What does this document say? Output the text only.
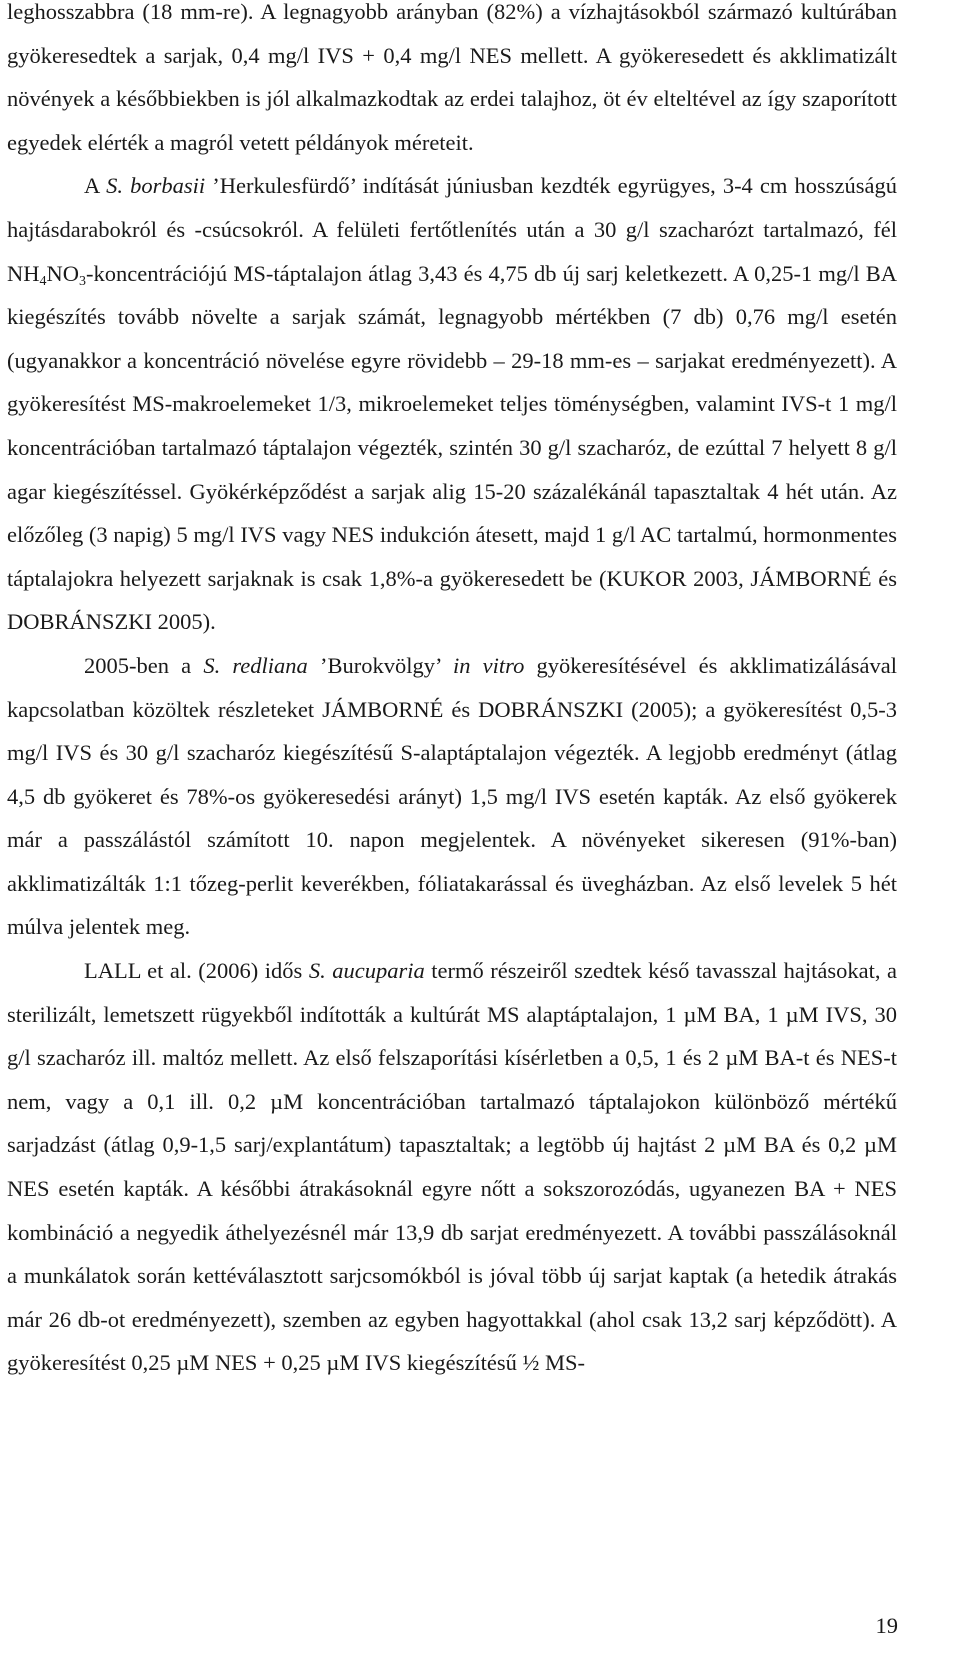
leghosszabbra (18 mm-re). A legnagyobb arányban (82%) a vízhajtásokból származó kultúrában gyökeresedtek a sarjak, 0,4 mg/l IVS + 0,4 mg/l NES mellett. A gyökeresedett és akklimatizált növények a későbbiekben is jól alkalmazkodtak az erdei talajhoz, öt év elteltével az így szaporított egyedek elérték a magról vetett példányok méreteit.

A S. borbasii ’Herkulesfürdő’ indítását júniusban kezdték egyrügyes, 3-4 cm hosszúságú hajtásdarabokról és -csúcsokról. A felületi fertőtlenítés után a 30 g/l szacharózt tartalmazó, fél $NH_4NO_3$-koncentrációjú MS-táptalajon átlag 3,43 és 4,75 db új sarj keletkezett. A 0,25-1 mg/l BA kiegészítés tovább növelte a sarjak számát, legnagyobb mértékben (7 db) 0,76 mg/l esetén (ugyanakkor a koncentráció növelése egyre rövidebb – 29-18 mm-es – sarjakat eredményezett). A gyökeresítést MS-makroelemeket 1/3, mikroelemeket teljes töménységben, valamint IVS-t 1 mg/l koncentrációban tartalmazó táptalajon végezték, szintén 30 g/l szacharóz, de ezúttal 7 helyett 8 g/l agar kiegészítéssel. Gyökérképződést a sarjak alig 15-20 százalékánál tapasztaltak 4 hét után. Az előzőleg (3 napig) 5 mg/l IVS vagy NES indukción átesett, majd 1 g/l AC tartalmú, hormonmentes táptalajokra helyezett sarjaknak is csak 1,8%-a gyökeresedett be (KUKOR 2003, JÁMBORNÉ és DOBRÁNSZKI 2005).

2005-ben a S. redliana ’Burokvölgy’ in vitro gyökeresítésével és akklimatizálásával kapcsolatban közöltek részleteket JÁMBORNÉ és DOBRÁNSZKI (2005); a gyökeresítést 0,5-3 mg/l IVS és 30 g/l szacharóz kiegészítésű S-alaptáptalajon végezték. A legjobb eredményt (átlag 4,5 db gyökeret és 78%-os gyökeresedési arányt) 1,5 mg/l IVS esetén kapták. Az első gyökerek már a passzálástól számított 10. napon megjelentek. A növényeket sikeresen (91%-ban) akklimatizálták 1:1 tőzeg-perlit keverékben, fóliatakarással és üvegházban. Az első levelek 5 hét múlva jelentek meg.

LALL et al. (2006) idős S. aucuparia termő részeiről szedtek késő tavasszal hajtásokat, a sterilizált, lemetszett rügyekből indították a kultúrát MS alaptáptalajon, 1 µM BA, 1 µM IVS, 30 g/l szacharóz ill. maltóz mellett. Az első felszaporítási kísérletben a 0,5, 1 és 2 µM BA-t és NES-t nem, vagy a 0,1 ill. 0,2 µM koncentrációban tartalmazó táptalajokon különböző mértékű sarjadzást (átlag 0,9-1,5 sarj/explantátum) tapasztaltak; a legtöbb új hajtást 2 µM BA és 0,2 µM NES esetén kapták. A későbbi átrakásoknál egyre nőtt a sokszorozódás, ugyanezen BA + NES kombináció a negyedik áthelyezésnél már 13,9 db sarjat eredményezett. A további passzálásoknál a munkálatok során kettéválasztott sarjcsomókból is jóval több új sarjat kaptak (a hetedik átrakás már 26 db-ot eredményezett), szemben az egyben hagyottakkal (ahol csak 13,2 sarj képződött). A gyökeresítést 0,25 µM NES + 0,25 µM IVS kiegészítésű ½ MS-

19
